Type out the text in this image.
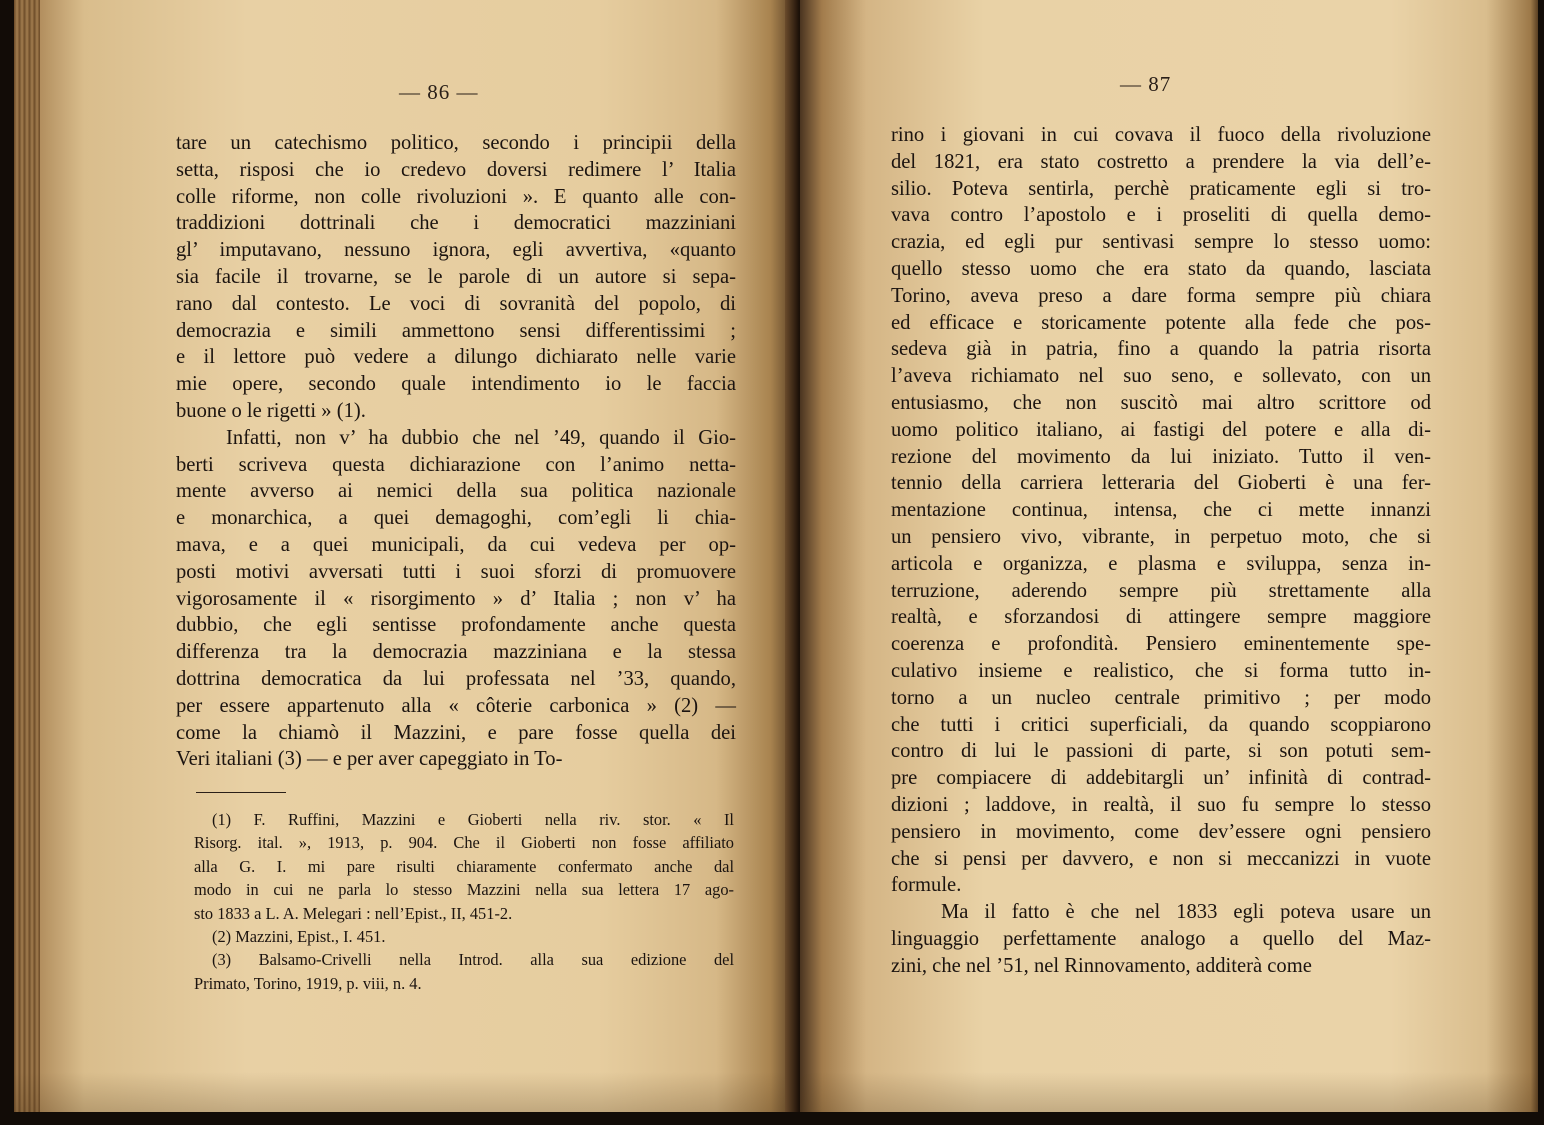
— 86 —
tare un catechismo politico, secondo i principii della
setta, risposi che io credevo doversi redimere l’ Italia
colle riforme, non colle rivoluzioni ». E quanto alle con-
traddizioni dottrinali che i democratici mazziniani
gl’ imputavano, nessuno ignora, egli avvertiva, «quanto
sia facile il trovarne, se le parole di un autore si sepa-
rano dal contesto. Le voci di sovranità del popolo, di
democrazia e simili ammettono sensi differentissimi ;
e il lettore può vedere a dilungo dichiarato nelle varie
mie opere, secondo quale intendimento io le faccia
buone o le rigetti » (1).
Infatti, non v’ ha dubbio che nel ’49, quando il Gio-
berti scriveva questa dichiarazione con l’animo netta-
mente avverso ai nemici della sua politica nazionale
e monarchica, a quei demagoghi, com’egli li chia-
mava, e a quei municipali, da cui vedeva per op-
posti motivi avversati tutti i suoi sforzi di promuovere
vigorosamente il « risorgimento » d’ Italia ; non v’ ha
dubbio, che egli sentisse profondamente anche questa
differenza tra la democrazia mazziniana e la stessa
dottrina democratica da lui professata nel ’33, quando,
per essere appartenuto alla « côterie carbonica » (2) —
come la chiamò il Mazzini, e pare fosse quella dei
Veri italiani (3) — e per aver capeggiato in To-
(1) F. Ruffini, Mazzini e Gioberti nella riv. stor. « Il
Risorg. ital. », 1913, p. 904. Che il Gioberti non fosse affiliato
alla G. I. mi pare risulti chiaramente confermato anche dal
modo in cui ne parla lo stesso Mazzini nella sua lettera 17 ago-
sto 1833 a L. A. Melegari : nell’Epist., II, 451-2.
(2) Mazzini, Epist., I. 451.
(3) Balsamo-Crivelli nella Introd. alla sua edizione del
Primato, Torino, 1919, p. viii, n. 4.
— 87
rino i giovani in cui covava il fuoco della rivoluzione
del 1821, era stato costretto a prendere la via dell’e-
silio. Poteva sentirla, perchè praticamente egli si tro-
vava contro l’apostolo e i proseliti di quella demo-
crazia, ed egli pur sentivasi sempre lo stesso uomo:
quello stesso uomo che era stato da quando, lasciata
Torino, aveva preso a dare forma sempre più chiara
ed efficace e storicamente potente alla fede che pos-
sedeva già in patria, fino a quando la patria risorta
l’aveva richiamato nel suo seno, e sollevato, con un
entusiasmo, che non suscitò mai altro scrittore od
uomo politico italiano, ai fastigi del potere e alla di-
rezione del movimento da lui iniziato. Tutto il ven-
tennio della carriera letteraria del Gioberti è una fer-
mentazione continua, intensa, che ci mette innanzi
un pensiero vivo, vibrante, in perpetuo moto, che si
articola e organizza, e plasma e sviluppa, senza in-
terruzione, aderendo sempre più strettamente alla
realtà, e sforzandosi di attingere sempre maggiore
coerenza e profondità. Pensiero eminentemente spe-
culativo insieme e realistico, che si forma tutto in-
torno a un nucleo centrale primitivo ; per modo
che tutti i critici superficiali, da quando scoppiarono
contro di lui le passioni di parte, si son potuti sem-
pre compiacere di addebitargli un’ infinità di contrad-
dizioni ; laddove, in realtà, il suo fu sempre lo stesso
pensiero in movimento, come dev’essere ogni pensiero
che si pensi per davvero, e non si meccanizzi in vuote
formule.
Ma il fatto è che nel 1833 egli poteva usare un
linguaggio perfettamente analogo a quello del Maz-
zini, che nel ’51, nel Rinnovamento, additerà come
